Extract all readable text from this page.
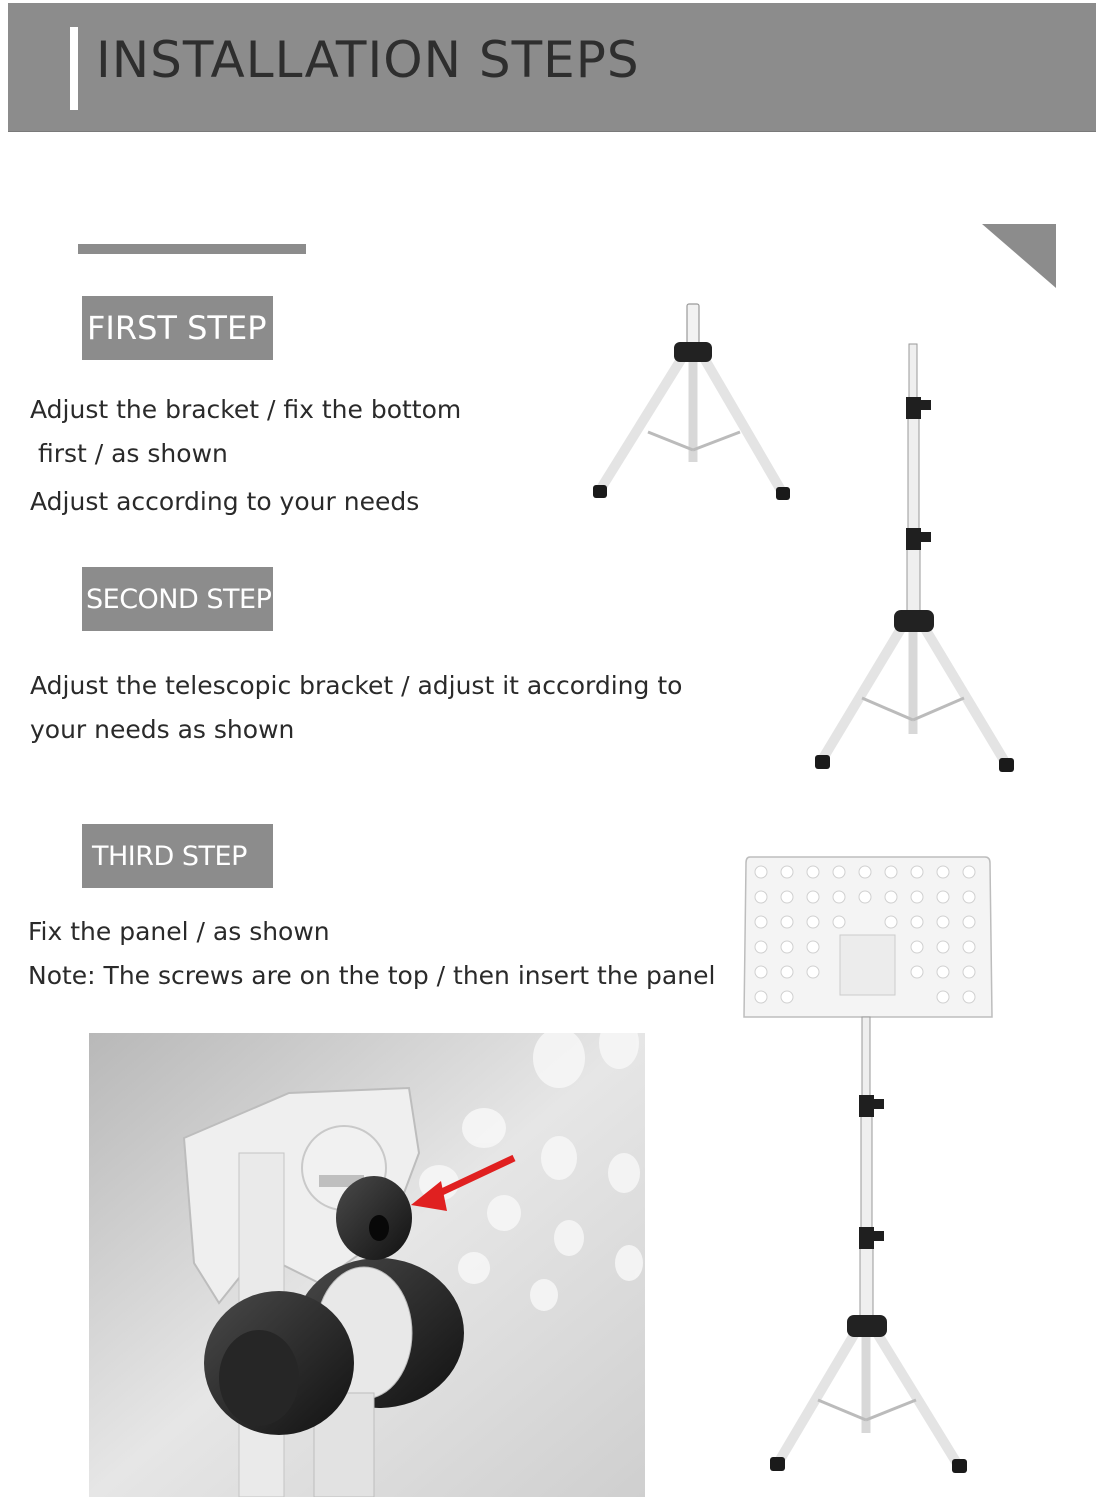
INSTALLATION STEPS
FIRST STEP
Adjust the bracket / fix the bottom
first / as shown
Adjust according to your needs
SECOND STEP
Adjust the telescopic bracket / adjust it according to
your needs as shown
THIRD STEP
Fix the panel / as shown
Note: The screws are on the top / then insert the panel
